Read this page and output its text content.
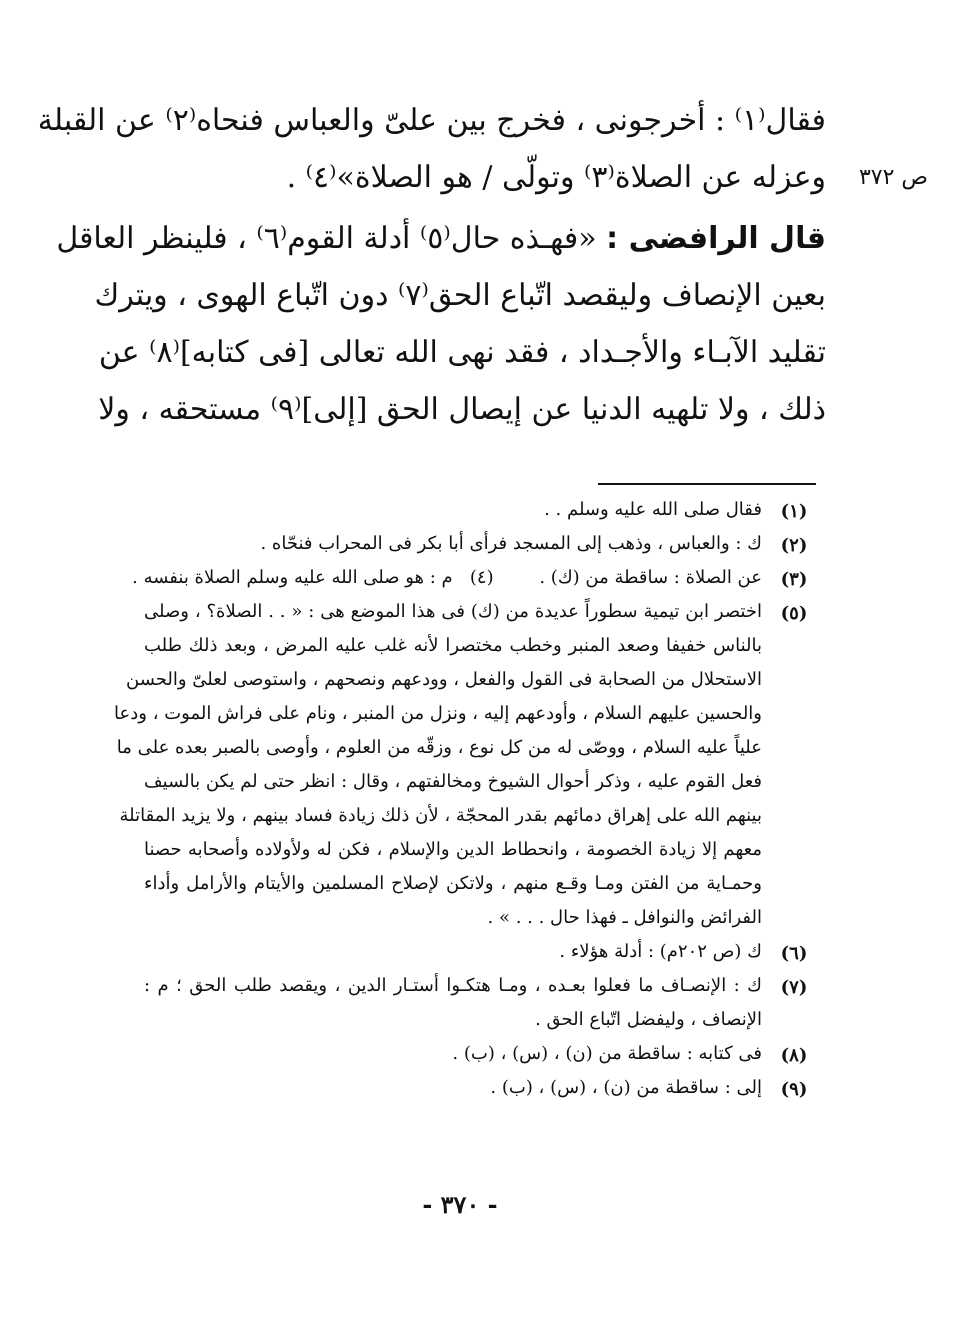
ص ٣٧٢
فقال⁽١⁾ : أخرجونى ، فخرج بين علىّ والعباس فنحاه⁽٢⁾ عن القبلة
وعزله عن الصلاة⁽٣⁾ وتولّى / هو الصلاة»⁽٤⁾ .
قال الرافضى : «فهـذه حال⁽٥⁾ أدلة القوم⁽٦⁾ ، فلينظر العاقل
بعين الإنصاف وليقصد اتّباع الحق⁽٧⁾ دون اتّباع الهوى ، ويترك
تقليد الآبـاء والأجـداد ، فقد نهى الله تعالى [فى كتابه]⁽٨⁾ عن
ذلك ، ولا تلهيه الدنيا عن إيصال الحق [إلى]⁽٩⁾ مستحقه ، ولا
(١)
فقال صلى الله عليه وسلم . .
(٢)
ك : والعباس ، وذهب إلى المسجد فرأى أبا بكر فى المحراب فنحّاه .
(٣)
عن الصلاة : ساقطة من (ك) .        (٤)   م : هو صلى الله عليه وسلم الصلاة بنفسه .
(٥)
اختصر ابن تيمية سطوراً عديدة من (ك) فى هذا الموضع هى : « . . الصلاة؟ ، وصلى
بالناس خفيفا وصعد المنبر وخطب مختصرا لأنه غلب عليه المرض ، وبعد ذلك طلب
الاستحلال من الصحابة فى القول والفعل ، وودعهم ونصحهم ، واستوصى لعلىّ والحسن
والحسين عليهم السلام ، وأودعهم إليه ، ونزل من المنبر ، ونام على فراش الموت ، ودعا
علياً عليه السلام ، ووصّى له من كل نوع ، وزقّه من العلوم ، وأوصى بالصبر بعده على ما
فعل القوم عليه ، وذكر أحوال الشيوخ ومخالفتهم ، وقال : انظر حتى لم يكن بالسيف
بينهم الله على إهراق دمائهم بقدر المحجّة ، لأن ذلك زيادة فساد بينهم ، ولا يزيد المقاتلة
معهم إلا زيادة الخصومة ، وانحطاط الدين والإسلام ، فكن له ولأولاده وأصحابه حصنا
وحمـاية من الفتن ومـا وقـع منهم ، ولاتكن لإصلاح المسلمين والأيتام والأرامل وأداء
الفرائض والنوافل ـ فهذا حال . . . » .
(٦)
ك (ص ٢٠٢م) : أدلة هؤلاء .
(٧)
ك : الإنصـاف ما فعلوا بعـده ، ومـا هتكـوا أستـار الدين ، ويقصد طلب الحق ؛ م :
الإنصاف ، وليفضل اتّباع الحق .
(٨)
فى كتابه : ساقطة من (ن) ، (س) ، (ب) .
(٩)
إلى : ساقطة من (ن) ، (س) ، (ب) .
- ٣٧٠ -
